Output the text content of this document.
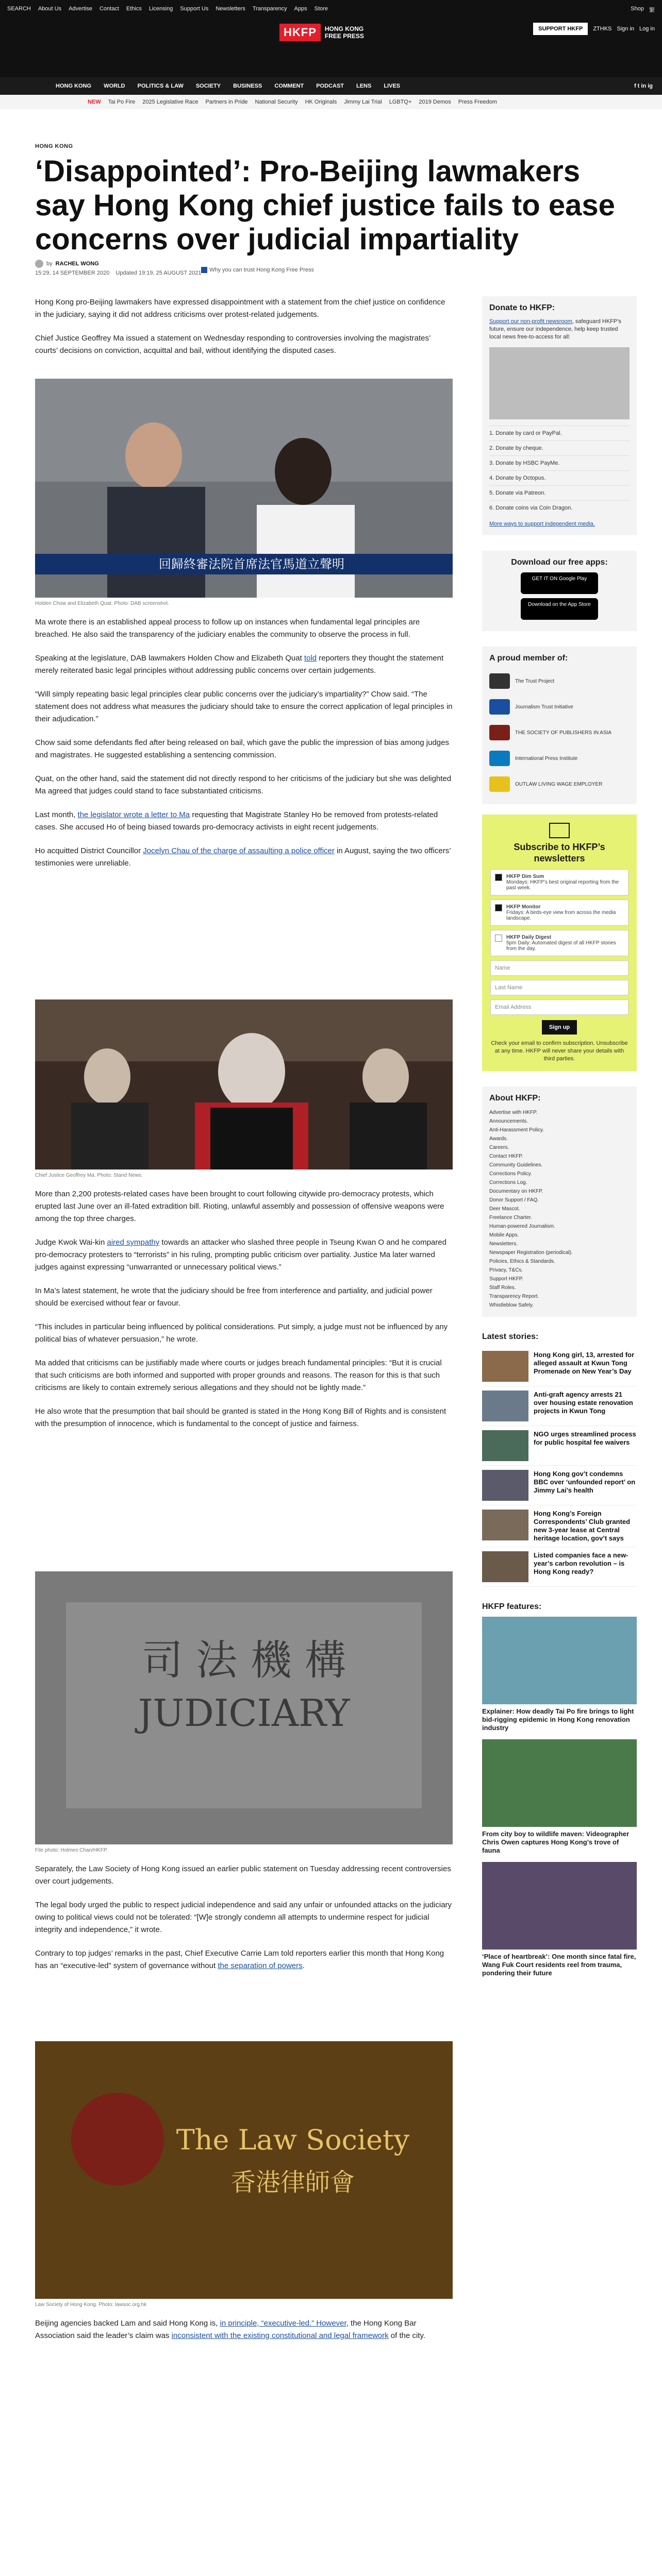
SEARCH About Us Advertise Contact Ethics Licensing Support Us Newsletters Transparency Apps Store	Shop 繁
HKFP	HONG KONG
FREE PRESS
SUPPORT HKFP	ZTHKS Sign in Log in
HONG KONG WORLD POLITICS & LAW SOCIETY BUSINESS COMMENT PODCAST LENS LIVES	f t in ig
NEW Tai Po Fire 2025 Legislative Race Partners in Pride National Security HK Originals Jimmy Lai Trial LGBTQ+ 2019 Demos Press Freedom
HONG KONG
‘Disappointed’: Pro-Beijing lawmakers say Hong Kong chief justice fails to ease concerns over judicial impartiality
by RACHEL WONG
15:29, 14 SEPTEMBER 2020 Updated 19:19, 25 AUGUST 2021	Why you can trust Hong Kong Free Press

Hong Kong pro-Beijing lawmakers have expressed disappointment with a statement from the chief justice on confidence in the judiciary, saying it did not address criticisms over protest-related judgements.

Chief Justice Geoffrey Ma issued a statement on Wednesday responding to controversies involving the magistrates’ courts’ decisions on conviction, acquittal and bail, without identifying the disputed cases.

回歸終審法院首席法官馬道立聲明
Holden Chow and Elizabeth Quat. Photo: DAB screenshot.

Ma wrote there is an established appeal process to follow up on instances when fundamental legal principles are breached. He also said the transparency of the judiciary enables the community to observe the process in full.

Speaking at the legislature, DAB lawmakers Holden Chow and Elizabeth Quat told reporters they thought the statement merely reiterated basic legal principles without addressing public concerns over certain judgements.

“Will simply repeating basic legal principles clear public concerns over the judiciary’s impartiality?” Chow said. “The statement does not address what measures the judiciary should take to ensure the correct application of legal principles in their adjudication.”

Chow said some defendants fled after being released on bail, which gave the public the impression of bias among judges and magistrates. He suggested establishing a sentencing commission.

Quat, on the other hand, said the statement did not directly respond to her criticisms of the judiciary but she was delighted Ma agreed that judges could stand to face substantiated criticisms.

Last month, the legislator wrote a letter to Ma requesting that Magistrate Stanley Ho be removed from protests-related cases. She accused Ho of being biased towards pro-democracy activists in eight recent judgements.

Ho acquitted District Councillor Jocelyn Chau of the charge of assaulting a police officer in August, saying the two officers’ testimonies were unreliable.

Chief Justice Geoffrey Ma. Photo: Stand News.

More than 2,200 protests-related cases have been brought to court following citywide pro-democracy protests, which erupted last June over an ill-fated extradition bill. Rioting, unlawful assembly and possession of offensive weapons were among the top three charges.

Judge Kwok Wai-kin aired sympathy towards an attacker who slashed three people in Tseung Kwan O and he compared pro-democracy protesters to “terrorists” in his ruling, prompting public criticism over partiality. Justice Ma later warned judges against expressing “unwarranted or unnecessary political views.”

In Ma’s latest statement, he wrote that the judiciary should be free from interference and partiality, and judicial power should be exercised without fear or favour.

“This includes in particular being influenced by political considerations. Put simply, a judge must not be influenced by any political bias of whatever persuasion,” he wrote.

Ma added that criticisms can be justifiably made where courts or judges breach fundamental principles: “But it is crucial that such criticisms are both informed and supported with proper grounds and reasons. The reason for this is that such criticisms are likely to contain extremely serious allegations and they should not be lightly made.”

He also wrote that the presumption that bail should be granted is stated in the Hong Kong Bill of Rights and is consistent with the presumption of innocence, which is fundamental to the concept of justice and fairness.

JUDICIARY
司 法 機 構
File photo: Holmes Chan/HKFP.

Separately, the Law Society of Hong Kong issued an earlier public statement on Tuesday addressing recent controversies over court judgements.

The legal body urged the public to respect judicial independence and said any unfair or unfounded attacks on the judiciary owing to political views could not be tolerated: “[W]e strongly condemn all attempts to undermine respect for judicial integrity and independence,” it wrote.

Contrary to top judges’ remarks in the past, Chief Executive Carrie Lam told reporters earlier this month that Hong Kong has an “executive-led” system of governance without the separation of powers.

The Law Society
香港律師會
Law Society of Hong Kong. Photo: lawsoc.org.hk

Beijing agencies backed Lam and said Hong Kong is, in principle, “executive-led.” However, the Hong Kong Bar Association said the leader’s claim was inconsistent with the existing constitutional and legal framework of the city.

Donate to HKFP:
Support our non-profit newsroom, safeguard HKFP’s future, ensure our independence, help keep trusted local news free-to-access for all:
1. Donate by card or PayPal.
2. Donate by cheque.
3. Donate by HSBC PayMe.
4. Donate by Octopus.
5. Donate via Patreon.
6. Donate coins via Coin Dragon.
More ways to support independent media.
Download our free apps:
GET IT ON Google Play
Download on the App Store
A proud member of:
The Trust Project
Journalism Trust Initiative
THE SOCIETY OF PUBLISHERS IN ASIA
International Press Institute
OUTLAW LIVING WAGE EMPLOYER
Subscribe to HKFP’s newsletters
HKFP Dim Sum
Mondays: HKFP’s best original reporting from the past week.
HKFP Monitor
Fridays: A birds-eye view from across the media landscape.
HKFP Daily Digest
5pm Daily: Automated digest of all HKFP stories from the day.
Name
Last Name
Email Address
Sign up
Check your email to confirm subscription. Unsubscribe at any time. HKFP will never share your details with third parties.
About HKFP:
Advertise with HKFP.
Announcements.
Anti-Harassment Policy.
Awards.
Careers.
Contact HKFP.
Community Guidelines.
Corrections Policy.
Corrections Log.
Documentary on HKFP.
Donor Support / FAQ.
Deer Mascot.
Freelance Charter.
Human-powered Journalism.
Mobile Apps.
Newsletters.
Newspaper Registration (periodical).
Policies, Ethics & Standards.
Privacy, T&Cs.
Support HKFP.
Staff Roles.
Transparency Report.
Whistleblow Safely.
Latest stories:
Hong Kong girl, 13, arrested for alleged assault at Kwun Tong Promenade on New Year’s Day
Anti-graft agency arrests 21 over housing estate renovation projects in Kwun Tong
NGO urges streamlined process for public hospital fee waivers
Hong Kong gov’t condemns BBC over ‘unfounded report’ on Jimmy Lai’s health
Hong Kong’s Foreign Correspondents’ Club granted new 3-year lease at Central heritage location, gov’t says
Listed companies face a new-year’s carbon revolution – is Hong Kong ready?
HKFP features:
Explainer: How deadly Tai Po fire brings to light bid-rigging epidemic in Hong Kong renovation industry
From city boy to wildlife maven: Videographer Chris Owen captures Hong Kong’s trove of fauna
‘Place of heartbreak’: One month since fatal fire, Wang Fuk Court residents reel from trauma, pondering their future
